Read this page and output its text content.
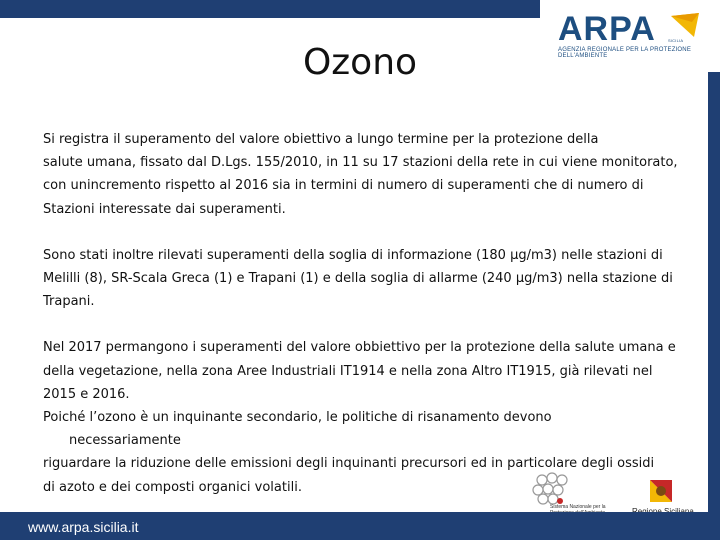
ARPA	SICILIA
AGENZIA REGIONALE PER LA PROTEZIONE DELL'AMBIENTE
Ozono

Si registra il superamento del valore obiettivo a lungo termine per la protezione della
salute umana, fissato dal D.Lgs. 155/2010, in 11 su 17 stazioni della rete in cui viene monitorato,
con unincremento rispetto al 2016 sia in termini di numero di superamenti che di numero di
Stazioni interessate dai superamenti.

Sono stati inoltre rilevati superamenti della soglia di informazione (180 µg/m3) nelle stazioni di
Melilli (8), SR-Scala Greca (1) e Trapani (1) e della soglia di allarme (240 µg/m3) nella stazione di
Trapani.

Nel 2017 permangono i superamenti del valore obbiettivo per la protezione della salute umana e
della vegetazione, nella zona Aree Industriali IT1914 e nella zona Altro IT1915, già rilevati nel
2015 e 2016.

Poiché l’ozono è un inquinante secondario, le politiche di risanamento devono
necessariamente
riguardare la riduzione delle emissioni degli inquinanti precursori ed in particolare degli ossidi
di azoto e dei composti organici volatili.

Sistema Nazionale per la
www.arpa.sicilia.it
